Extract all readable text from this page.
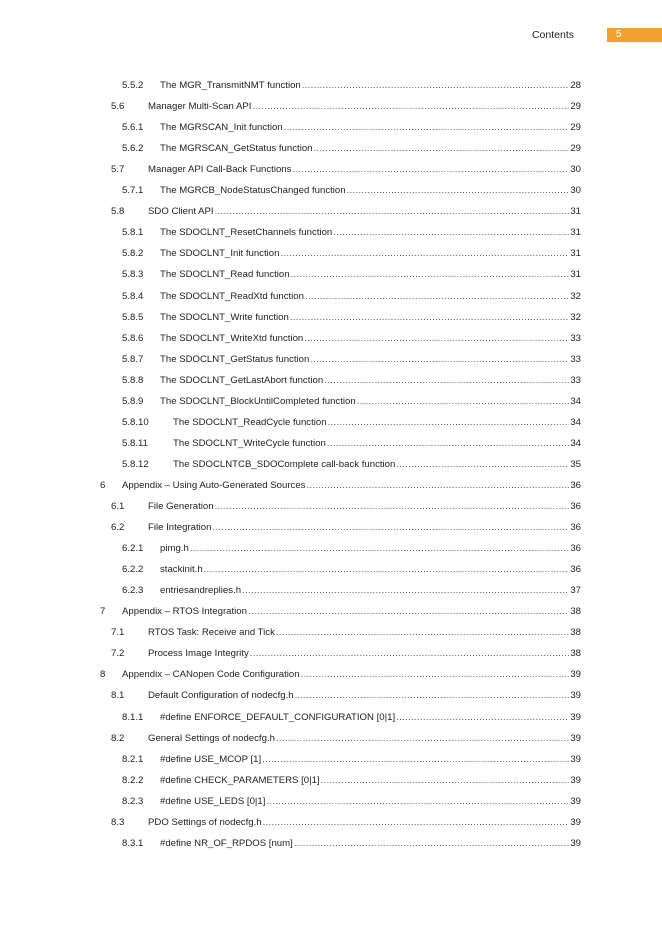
Contents	5
5.5.2	The MGR_TransmitNMT function .....	28
5.6	Manager Multi-Scan API .....	29
5.6.1	The MGRSCAN_Init function .....	29
5.6.2	The MGRSCAN_GetStatus function .....	29
5.7	Manager API Call-Back Functions .....	30
5.7.1	The MGRCB_NodeStatusChanged function .....	30
5.8	SDO Client API .....	31
5.8.1	The SDOCLNT_ResetChannels function .....	31
5.8.2	The SDOCLNT_Init function .....	31
5.8.3	The SDOCLNT_Read function .....	31
5.8.4	The SDOCLNT_ReadXtd function .....	32
5.8.5	The SDOCLNT_Write function .....	32
5.8.6	The SDOCLNT_WriteXtd function .....	33
5.8.7	The SDOCLNT_GetStatus function .....	33
5.8.8	The SDOCLNT_GetLastAbort function .....	33
5.8.9	The SDOCLNT_BlockUntilCompleted function .....	34
5.8.10	The SDOCLNT_ReadCycle function .....	34
5.8.11	The SDOCLNT_WriteCycle function .....	34
5.8.12	The SDOCLNTCB_SDOComplete call-back function .....	35
6	Appendix – Using Auto-Generated Sources .....	36
6.1	File Generation .....	36
6.2	File Integration .....	36
6.2.1	pimg.h .....	36
6.2.2	stackinit.h .....	36
6.2.3	entriesandreplies.h .....	37
7	Appendix – RTOS Integration .....	38
7.1	RTOS Task: Receive and Tick .....	38
7.2	Process Image Integrity .....	38
8	Appendix – CANopen Code Configuration .....	39
8.1	Default Configuration of nodecfg.h .....	39
8.1.1	#define ENFORCE_DEFAULT_CONFIGURATION [0|1] .....	39
8.2	General Settings of nodecfg.h .....	39
8.2.1	#define USE_MCOP [1] .....	39
8.2.2	#define CHECK_PARAMETERS [0|1] .....	39
8.2.3	#define USE_LEDS [0|1] .....	39
8.3	PDO Settings of nodecfg.h .....	39
8.3.1	#define NR_OF_RPDOS [num] .....	39
